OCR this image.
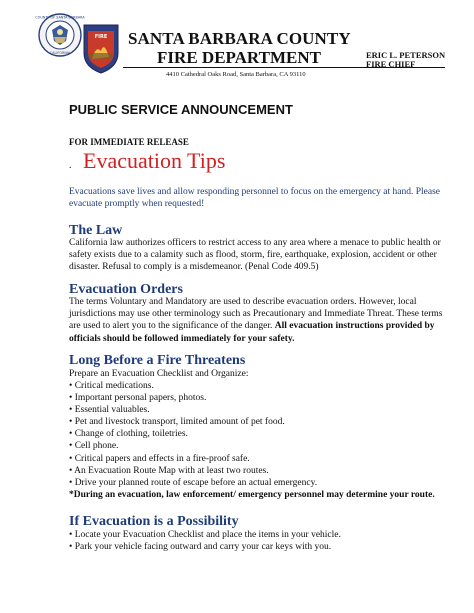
COUNTY OF SANTA BARBARA
CALIFORNIA
FIRE SANTA BARBARA COUNTY
FIRE DEPARTMENT	ERIC L. PETERSON
FIRE CHIEF
4410 Cathedral Oaks Road, Santa Barbara, CA 93110
PUBLIC SERVICE ANNOUNCEMENT
FOR IMMEDIATE RELEASE
. Evacuation Tips
Evacuations save lives and allow responding personnel to focus on the emergency at hand. Please evacuate promptly when requested!
The Law
California law authorizes officers to restrict access to any area where a menace to public health or safety exists due to a calamity such as flood, storm, fire, earthquake, explosion, accident or other disaster. Refusal to comply is a misdemeanor. (Penal Code 409.5)
Evacuation Orders
The terms Voluntary and Mandatory are used to describe evacuation orders. However, local jurisdictions may use other terminology such as Precautionary and Immediate Threat. These terms are used to alert you to the significance of the danger. All evacuation instructions provided by officials should be followed immediately for your safety.
Long Before a Fire Threatens
Prepare an Evacuation Checklist and Organize:
• Critical medications.
• Important personal papers, photos.
• Essential valuables.
• Pet and livestock transport, limited amount of pet food.
• Change of clothing, toiletries.
• Cell phone.
• Critical papers and effects in a fire-proof safe.
• An Evacuation Route Map with at least two routes.
• Drive your planned route of escape before an actual emergency.
*During an evacuation, law enforcement/ emergency personnel may determine your route.
If Evacuation is a Possibility
• Locate your Evacuation Checklist and place the items in your vehicle.
• Park your vehicle facing outward and carry your car keys with you.
